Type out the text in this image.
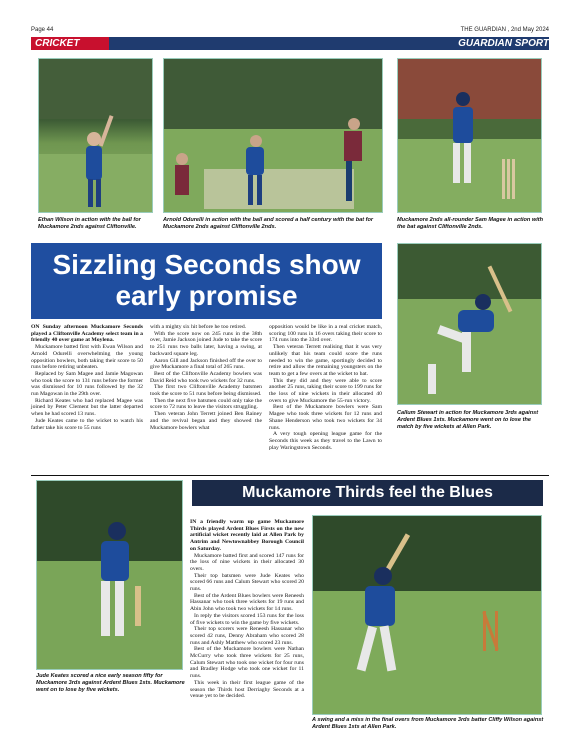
Page 44	THE GUARDIAN , 2nd May 2024
CRICKET	GUARDIAN SPORT
Ethan Wilson in action with the ball for Muckamore 2nds against Cliftonville.
Arnold Odurelli in action with the ball and scored a half century with the bat for Muckamore 2nds against Cliftonville 2nds.
Muckamore 2nds all-rounder Sam Magee in action with the bat against Cliftonville 2nds.
Sizzling Seconds show early promise

ON Sunday afternoon Muckamore Seconds played a Cliftonville Academy select team in a friendly 40 over game at Moylena.

Muckamore batted first with Ewan Wilson and Arnold Odurelli overwhelming the young opposition bowlers, both taking their score to 50 runs before retiring unbeaten.

Replaced by Sam Magee and Jamie Magowan who took the score to 131 runs before the former was dismissed for 10 runs followed by the 32 run Magowan in the 29th over.

Richard Keates who had replaced Magee was joined by Peter Clement but the latter departed when he had scored 13 runs.

Jude Keates came to the wicket to watch his father take his score to 55 runs

with a mighty six hit before he too retired.

With the score now on 245 runs in the 38th over, Jamie Jackson joined Jude to take the score to 251 runs two balls later, having a swing, at backward square leg.

Aaron Gill and Jackson finished off the over to give Muckamore a final total of 265 runs.

Best of the Cliftonville Academy bowlers was David Reid who took two wickets for 32 runs.

The first two Cliftonville Academy batsmen took the score to 51 runs before being dismissed.

Then the next five batsmen could only take the score to 72 runs to leave the visitors struggling.

Then veteran John Terrett joined Ben Rainey and the revival began and they showed the Muckamore bowlers what

opposition would be like in a real cricket match, scoring 100 runs in 16 overs taking their score to 174 runs into the 33rd over.

Then veteran Terrett realising that it was very unlikely that his team could score the runs needed to win the game, sportingly decided to retire and allow the remaining youngsters on the team to get a few overs at the wicket to bat.

This they did and they were able to score another 25 runs, taking their score to 199 runs for the loss of nine wickets in their allocated 40 overs to give Muckamore the 55-run victory.

Best of the Muckamore bowlers were Sam Magee who took three wickets for 12 runs and Shane Henderson who took two wickets for 34 runs.

A very tough opening league game for the Seconds this week as they travel to the Lawn to play Waringstown Seconds.

Callum Stewart in action for Muckamore 3rds against Ardent Blues 1sts. Muckamore went on to lose the match by five wickets at Allen Park.
Muckamore Thirds feel the Blues
Jude Keates scored a nice early season fifty for Muckamore 3rds against Ardent Blues 1sts. Muckamore went on to lose by five wickets.

IN a friendly warm up game Muckamore Thirds played Ardent Blues Firsts on the new artificial wicket recently laid at Allen Park by Antrim and Newtownabbey Borough Council on Saturday.

Muckamore batted first and scored 147 runs for the loss of nine wickets in their allocated 30 overs.

Their top batsmen were Jude Keates who scored 66 runs and Calum Stewart who scored 20 runs.

Best of the Ardent Blues bowlers were Reneesh Hassanar who took three wickets for 19 runs and Abin John who took two wickets for 14 runs.

In reply the visitors scored 153 runs for the loss of five wickets to win the game by five wickets.

Their top scorers were Reneesh Hassanar who scored 42 runs, Denny Abraham who scored 28 runs and Ashly Matthew who scored 23 runs.

Best of the Muckamore bowlers were Nathan McCurry who took three wickets for 25 runs, Calum Stewart who took one wicket for four runs and Bradley Hodge who took one wicket for 11 runs.

This week in their first league game of the season the Thirds host Derriaghy Seconds at a venue yet to be decided.

A swing and a miss in the final overs from Muckamore 3rds batter Cliffy Wilson against Ardent Blues 1sts at Allen Park.
